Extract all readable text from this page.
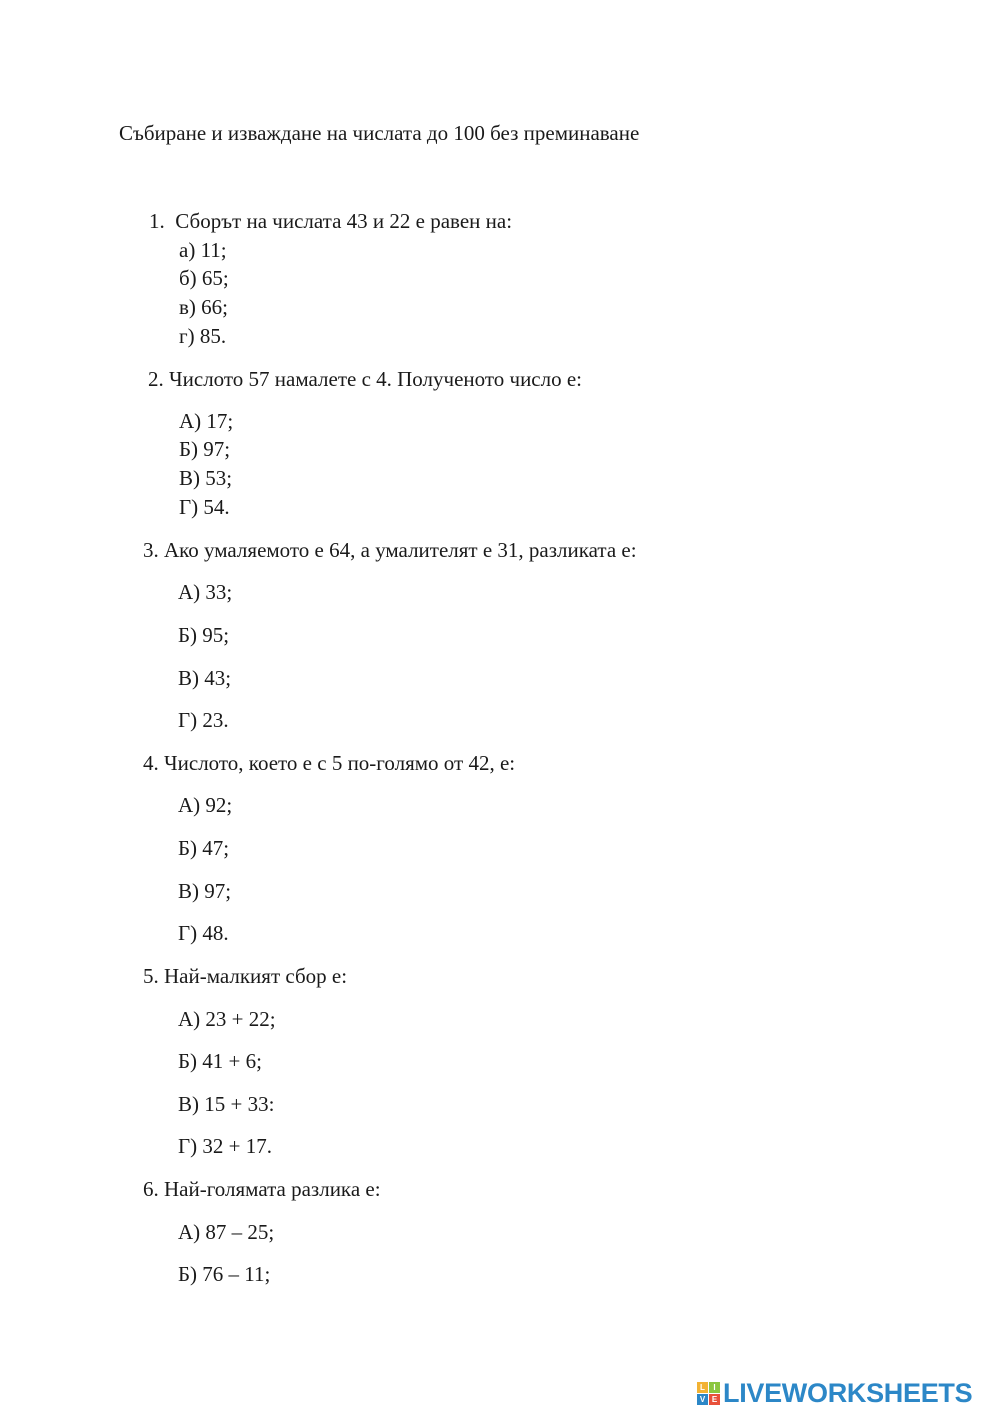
Събиране и изваждане на числата до 100 без преминаване
1. Сборът на числата 43 и 22 е равен на:
а) 11;
б) 65;
в) 66;
г) 85.
2. Числото 57 намалете с 4. Полученото число е:
А) 17;
Б) 97;
В) 53;
Г) 54.
3. Ако умаляемото е 64, а умалителят е 31, разликата е:
А) 33;
Б) 95;
В) 43;
Г) 23.
4. Числото, което е с 5 по-голямо от 42, е:
А) 92;
Б) 47;
В) 97;
Г) 48.
5. Най-малкият сбор е:
А) 23 + 22;
Б) 41 + 6;
В) 15 + 33:
Г) 32 + 17.
6. Най-голямата разлика е:
А) 87 – 25;
Б) 76 – 11;
L	I
V E LIVEWORKSHEETS
